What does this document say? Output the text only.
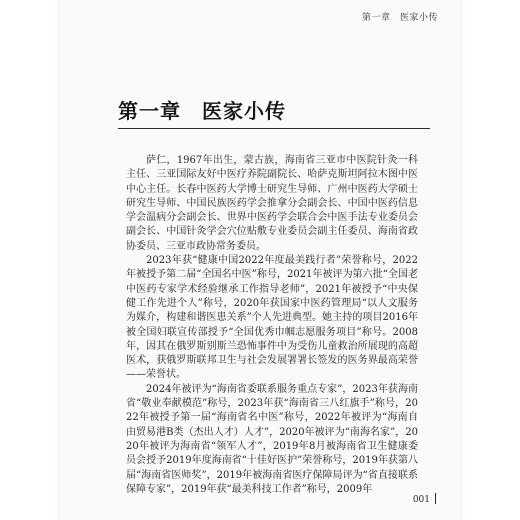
第一章　医家小传
第一章　医家小传

萨仁，1967年出生，蒙古族，海南省三亚市中医院针灸一科主任、三亚国际友好中医疗养院副院长、哈萨克斯坦阿拉木图中医中心主任。长春中医药大学博士研究生导师、广州中医药大学硕士研究生导师、中国民族医药学会推拿分会副会长、中国中医药信息学会温病分会副会长、世界中医药学会联合会中医手法专业委员会副会长、中国针灸学会穴位贴敷专业委员会副主任委员、海南省政协委员、三亚市政协常务委员。

2023年获“健康中国2022年度最美践行者”荣誉称号，2022年被授予第二届“全国名中医”称号，2021年被评为第六批“全国老中医药专家学术经验继承工作指导老师”，2021年被授予“中央保健工作先进个人”称号，2020年获国家中医药管理局“以人文服务为媒介，构建和谐医患关系”个人先进典型。她主持的项目2016年被全国妇联宣传部授予“全国优秀巾帼志愿服务项目”称号。2008年，因其在俄罗斯别斯兰恐怖事件中为受伤儿童救治所展现的高超医术，获俄罗斯联邦卫生与社会发展署署长签发的医务界最高荣誉——荣誉状。

2024年被评为“海南省委联系服务重点专家”，2023年获海南省“敬业奉献模范”称号，2023年获“海南省三八红旗手”称号，2022年被授予第一届“海南省名中医”称号，2022年被评为“海南自由贸易港B类（杰出人才）人才”，2020年被评为“南海名家”，2020年被评为海南省“领军人才”，2019年8月被海南省卫生健康委员会授予2019年度海南省“十佳好医护”荣誉称号，2019年获第八届“海南省医师奖”，2019年被海南省医疗保障局评为“省直接联系保障专家”，2019年获“最美科技工作者”称号，2009年

001
